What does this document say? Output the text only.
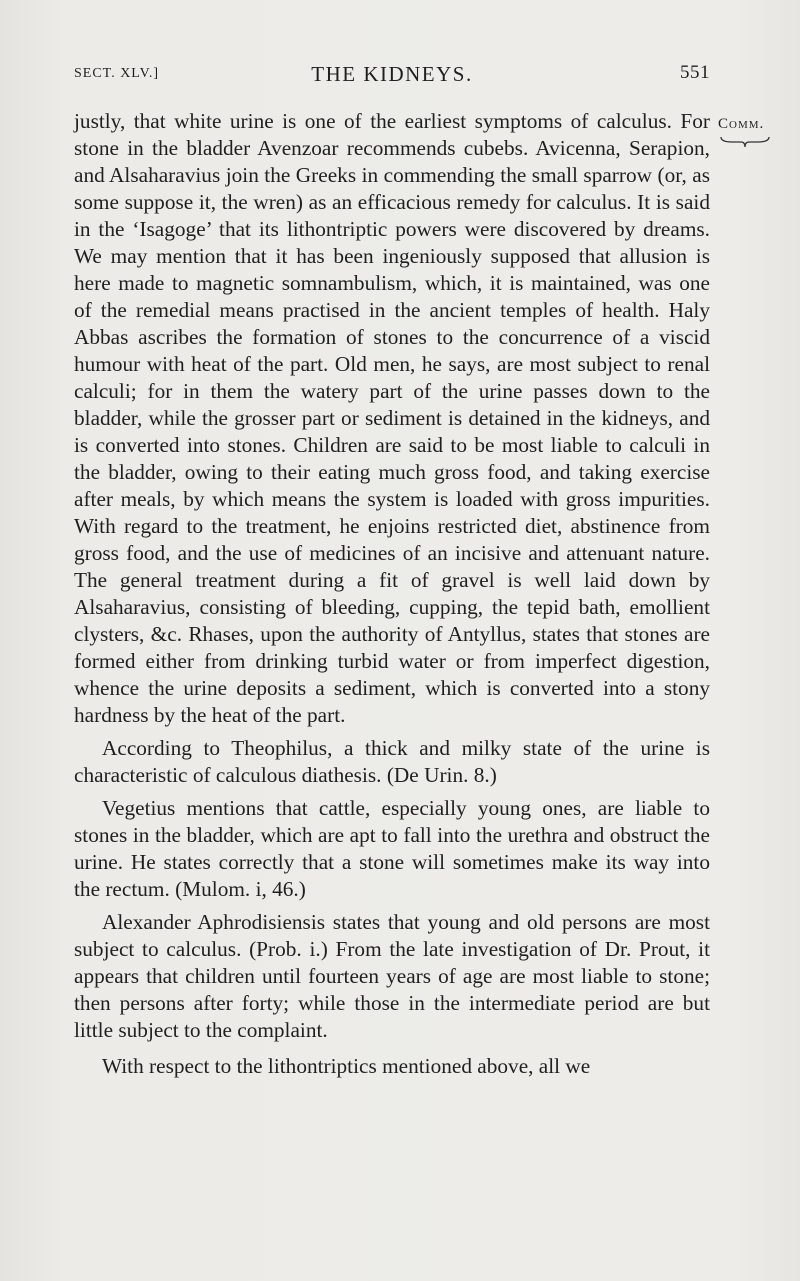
SECT. XLV.]	THE KIDNEYS.	551
Comm.

justly, that white urine is one of the earliest symptoms of calculus. For stone in the bladder Avenzoar recommends cubebs. Avicenna, Serapion, and Alsaharavius join the Greeks in commending the small sparrow (or, as some suppose it, the wren) as an efficacious remedy for calculus. It is said in the ‘Isagoge’ that its lithontriptic powers were discovered by dreams. We may mention that it has been ingeniously supposed that allusion is here made to magnetic somnambulism, which, it is maintained, was one of the remedial means practised in the ancient temples of health. Haly Abbas ascribes the formation of stones to the concurrence of a viscid humour with heat of the part. Old men, he says, are most subject to renal calculi; for in them the watery part of the urine passes down to the bladder, while the grosser part or sediment is detained in the kidneys, and is converted into stones. Children are said to be most liable to calculi in the bladder, owing to their eating much gross food, and taking exercise after meals, by which means the system is loaded with gross impurities. With regard to the treatment, he enjoins restricted diet, abstinence from gross food, and the use of medicines of an incisive and attenuant nature. The general treatment during a fit of gravel is well laid down by Alsaharavius, consisting of bleeding, cupping, the tepid bath, emollient clysters, &c. Rhases, upon the authority of Antyllus, states that stones are formed either from drinking turbid water or from imperfect digestion, whence the urine deposits a sediment, which is converted into a stony hardness by the heat of the part.

According to Theophilus, a thick and milky state of the urine is characteristic of calculous diathesis. (De Urin. 8.)

Vegetius mentions that cattle, especially young ones, are liable to stones in the bladder, which are apt to fall into the urethra and obstruct the urine. He states correctly that a stone will sometimes make its way into the rectum. (Mulom. i, 46.)

Alexander Aphrodisiensis states that young and old persons are most subject to calculus. (Prob. i.) From the late investigation of Dr. Prout, it appears that children until fourteen years of age are most liable to stone; then persons after forty; while those in the intermediate period are but little subject to the complaint.

With respect to the lithontriptics mentioned above, all we
